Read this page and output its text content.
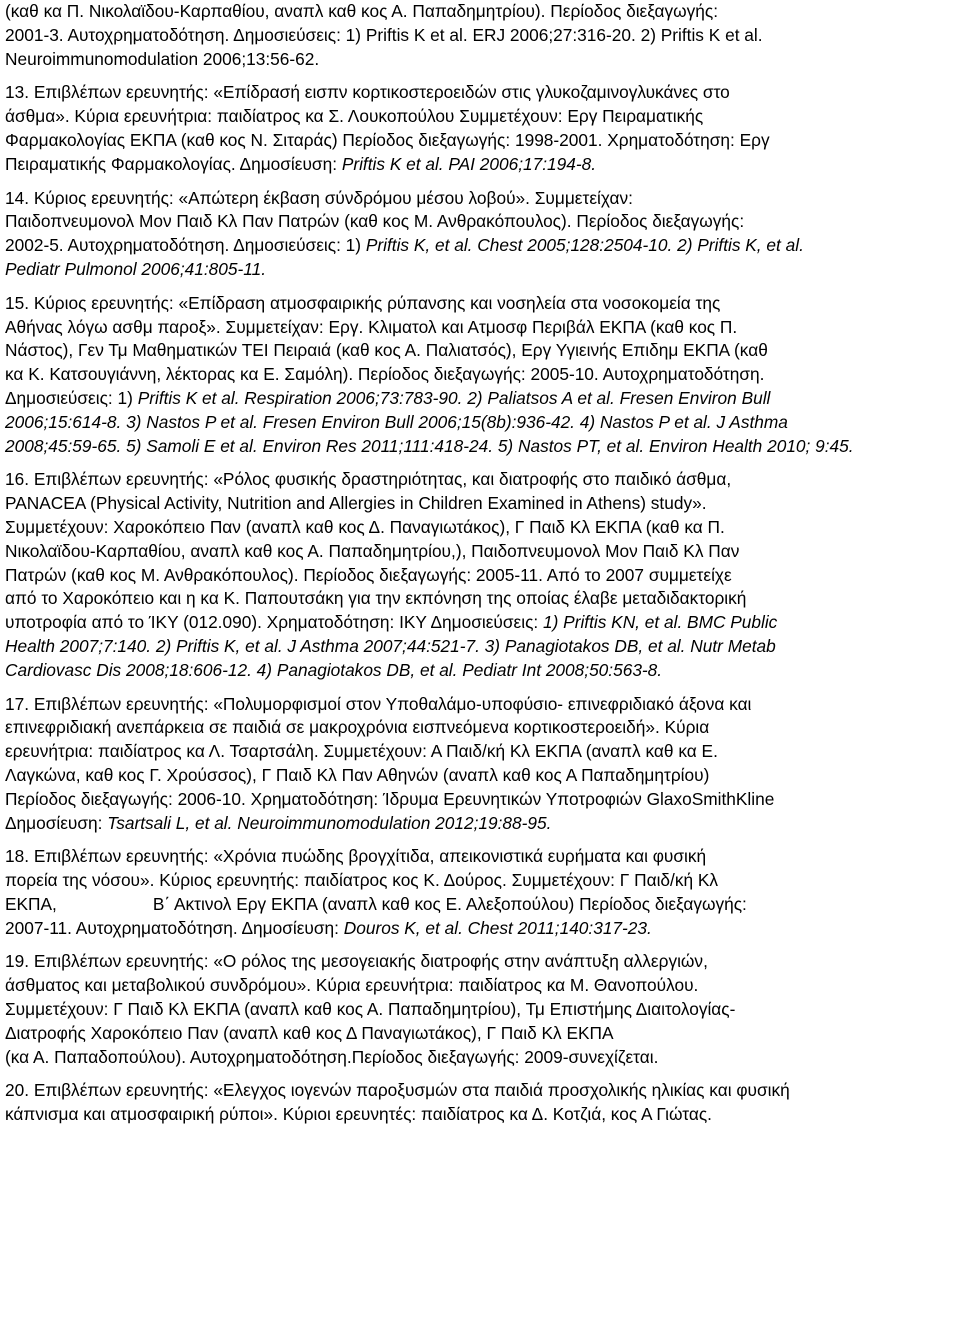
(καθ κα Π. Νικολαϊδου-Καρπαθίου, αναπλ καθ κος Α. Παπαδημητρίου). Περίοδος διεξαγωγής:
2001-3. Αυτοχρηματοδότηση. Δημοσιεύσεις: 1) Priftis K et al. ERJ 2006;27:316-20. 2) Priftis K et al.
Neuroimmunomodulation 2006;13:56-62.
13. Επιβλέπων ερευνητής: «Επίδρασή εισπν κορτικοστεροειδών στις γλυκοζαμινογλυκάνες στο
άσθμα». Κύρια ερευνήτρια: παιδίατρος κα Σ. Λουκοπούλου Συμμετέχουν: Εργ Πειραματικής
Φαρμακολογίας ΕΚΠΑ (καθ κος Ν. Σιταράς) Περίοδος διεξαγωγής: 1998-2001. Χρηματοδότηση: Εργ
Πειραματικής Φαρμακολογίας. Δημοσίευση: Priftis K et al. PAI 2006;17:194-8.
14. Κύριος ερευνητής: «Απώτερη έκβαση σύνδρόμου μέσου λοβού». Συμμετείχαν:
Παιδοπνευμονολ Μον Παιδ Κλ Παν Πατρών (καθ κος Μ. Ανθρακόπουλος). Περίοδος διεξαγωγής:
2002-5. Αυτοχρηματοδότηση. Δημοσιεύσεις: 1) Priftis K, et al. Chest 2005;128:2504-10. 2) Priftis K, et al.
Pediatr Pulmonol 2006;41:805-11.
15. Κύριος ερευνητής: «Επίδραση ατμοσφαιρικής ρύπανσης και νοσηλεία στα νοσοκομεία της
Αθήνας λόγω ασθμ παροξ». Συμμετείχαν: Εργ. Κλιματολ και Ατμοσφ Περιβάλ ΕΚΠΑ (καθ κος Π.
Νάστος), Γεν Τμ Μαθηματικών ΤΕΙ Πειραιά (καθ κος Α. Παλιατσός), Εργ Υγιεινής Επιδημ ΕΚΠΑ (καθ
κα Κ. Κατσουγιάννη, λέκτορας κα Ε. Σαμόλη). Περίοδος διεξαγωγής: 2005-10. Αυτοχρηματοδότηση.
Δημοσιεύσεις: 1) Priftis K et al. Respiration 2006;73:783-90. 2) Paliatsos A et al. Fresen Environ Bull
2006;15:614-8. 3) Nastos P et al. Fresen Environ Bull 2006;15(8b):936-42. 4) Nastos P et al. J Asthma
2008;45:59-65. 5) Samoli E et al. Environ Res 2011;111:418-24. 5) Nastos PT, et al. Environ Health 2010; 9:45.
16. Επιβλέπων ερευνητής: «Ρόλος φυσικής δραστηριότητας, και διατροφής στο παιδικό άσθμα,
PANACEA (Physical Activity, Nutrition and Allergies in Children Examined in Athens) study».
Συμμετέχουν: Χαροκόπειο Παν (αναπλ καθ κος Δ. Παναγιωτάκος), Γ Παιδ Κλ ΕΚΠΑ (καθ κα Π.
Νικολαϊδου-Καρπαθίου, αναπλ καθ κος Α. Παπαδημητρίου,), Παιδοπνευμονολ Μον Παιδ Κλ Παν
Πατρών (καθ κος Μ. Ανθρακόπουλος). Περίοδος διεξαγωγής: 2005-11. Από το 2007 συμμετείχε
από το Χαροκόπειο και η κα Κ. Παπουτσάκη για την εκπόνηση της οποίας έλαβε μεταδιδακτορική
υποτροφία από το ΊΚΥ (012.090). Χρηματοδότηση: ΙΚΥ Δημοσιεύσεις: 1) Priftis KN, et al. BMC Public
Health 2007;7:140. 2) Priftis K, et al. J Asthma 2007;44:521-7. 3) Panagiotakos DB, et al. Nutr Metab
Cardiovasc Dis 2008;18:606-12. 4) Panagiotakos DB, et al. Pediatr Int 2008;50:563-8.
17. Επιβλέπων ερευνητής: «Πολυμορφισμοί στον Υποθαλάμο-υποφύσιο- επινεφριδιακό άξονα και
επινεφριδιακή ανεπάρκεια σε παιδιά σε μακροχρόνια εισπνεόμενα κορτικοστεροειδή». Κύρια
ερευνήτρια: παιδίατρος κα Λ. Τσαρτσάλη. Συμμετέχουν: Α Παιδ/κή Κλ ΕΚΠΑ (αναπλ καθ κα Ε.
Λαγκώνα, καθ κος Γ. Χρούσσος), Γ Παιδ Κλ Παν Αθηνών (αναπλ καθ κος Α Παπαδημητρίου)
Περίοδος διεξαγωγής: 2006-10. Χρηματοδότηση: Ίδρυμα Ερευνητικών Υποτροφιών GlaxoSmithKline
Δημοσίευση: Tsartsali L, et al. Neuroimmunomodulation 2012;19:88-95.
18. Επιβλέπων ερευνητής: «Χρόνια πυώδης βρογχίτιδα, απεικονιστικά ευρήματα και φυσική
πορεία της νόσου». Κύριος ερευνητής: παιδίατρος κος Κ. Δούρος. Συμμετέχουν: Γ Παιδ/κή Κλ
ΕΚΠΑ,	Β΄ Ακτινολ Εργ ΕΚΠΑ (αναπλ καθ κος Ε. Αλεξοπούλου) Περίοδος διεξαγωγής:
2007-11. Αυτοχρηματοδότηση. Δημοσίευση: Douros K, et al. Chest 2011;140:317-23.
19. Επιβλέπων ερευνητής: «Ο ρόλος της μεσογειακής διατροφής στην ανάπτυξη αλλεργιών,
άσθματος και μεταβολικού συνδρόμου». Κύρια ερευνήτρια: παιδίατρος κα Μ. Θανοπούλου.
Συμμετέχουν: Γ Παιδ Κλ ΕΚΠΑ (αναπλ καθ κος Α. Παπαδημητρίου), Τμ Επιστήμης Διαιτολογίας-
Διατροφής Χαροκόπειο Παν (αναπλ καθ κος Δ Παναγιωτάκος), Γ Παιδ Κλ ΕΚΠΑ
(κα Α. Παπαδοπούλου). Αυτοχρηματοδότηση.Περίοδος διεξαγωγής: 2009-συνεχίζεται.
20. Επιβλέπων ερευνητής: «Ελεγχος ιογενών παροξυσμών στα παιδιά προσχολικής ηλικίας και φυσική
κάπνισμα και ατμοσφαιρική ρύποι». Κύριοι ερευνητές: παιδίατρος κα Δ. Κοτζιά, κος Α Γιώτας.
